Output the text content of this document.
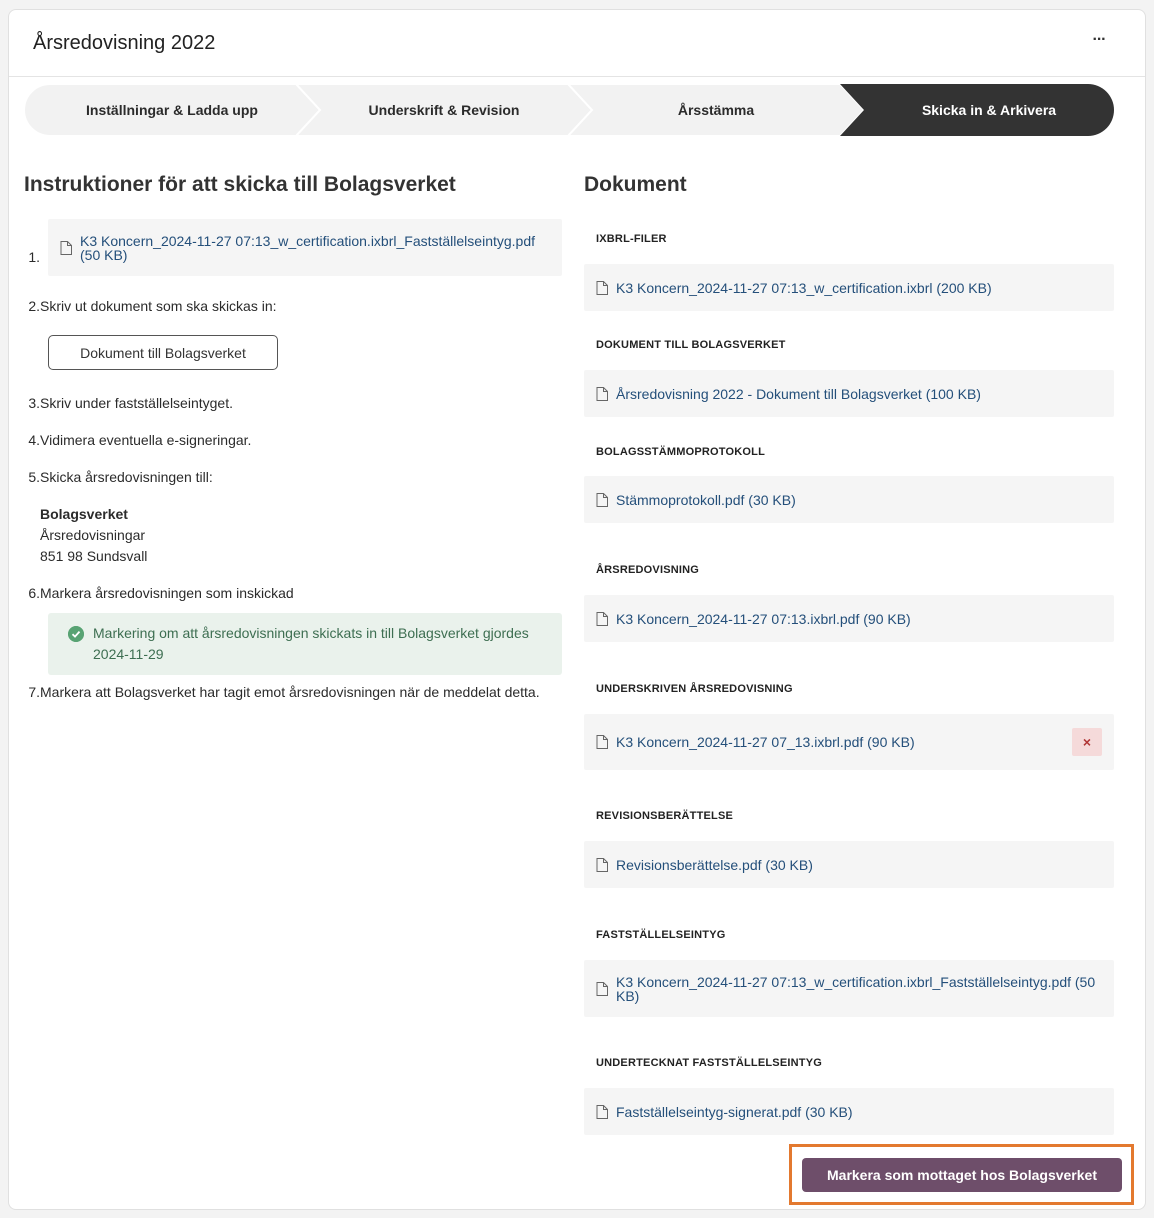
Årsredovisning 2022	···
Inställningar & Ladda upp	Underskrift & Revision	Årsstämma	Skicka in & Arkivera
Instruktioner för att skicka till Bolagsverket
1.
K3 Koncern_2024-11-27 07:13_w_certification.ixbrl_Fastställelseintyg.pdf (50 KB)
2. Skriv ut dokument som ska skickas in:
Dokument till Bolagsverket
3. Skriv under fastställelseintyget.
4. Vidimera eventuella e-signeringar.
5. Skicka årsredovisningen till:
Bolagsverket
Årsredovisningar
851 98 Sundsvall
6. Markera årsredovisningen som inskickad
Markering om att årsredovisningen skickats in till Bolagsverket gjordes 2024-11-29
7. Markera att Bolagsverket har tagit emot årsredovisningen när de meddelat detta.
Dokument
IXBRL-FILER
K3 Koncern_2024-11-27 07:13_w_certification.ixbrl (200 KB)
DOKUMENT TILL BOLAGSVERKET
Årsredovisning 2022 - Dokument till Bolagsverket (100 KB)
BOLAGSSTÄMMOPROTOKOLL
Stämmoprotokoll.pdf (30 KB)
ÅRSREDOVISNING
K3 Koncern_2024-11-27 07:13.ixbrl.pdf (90 KB)
UNDERSKRIVEN ÅRSREDOVISNING
K3 Koncern_2024-11-27 07_13.ixbrl.pdf (90 KB)	×
REVISIONSBERÄTTELSE
Revisionsberättelse.pdf (30 KB)
FASTSTÄLLELSEINTYG
K3 Koncern_2024-11-27 07:13_w_certification.ixbrl_Fastställelseintyg.pdf (50 KB)
UNDERTECKNAT FASTSTÄLLELSEINTYG
Fastställelseintyg-signerat.pdf (30 KB)
Markera som mottaget hos Bolagsverket
